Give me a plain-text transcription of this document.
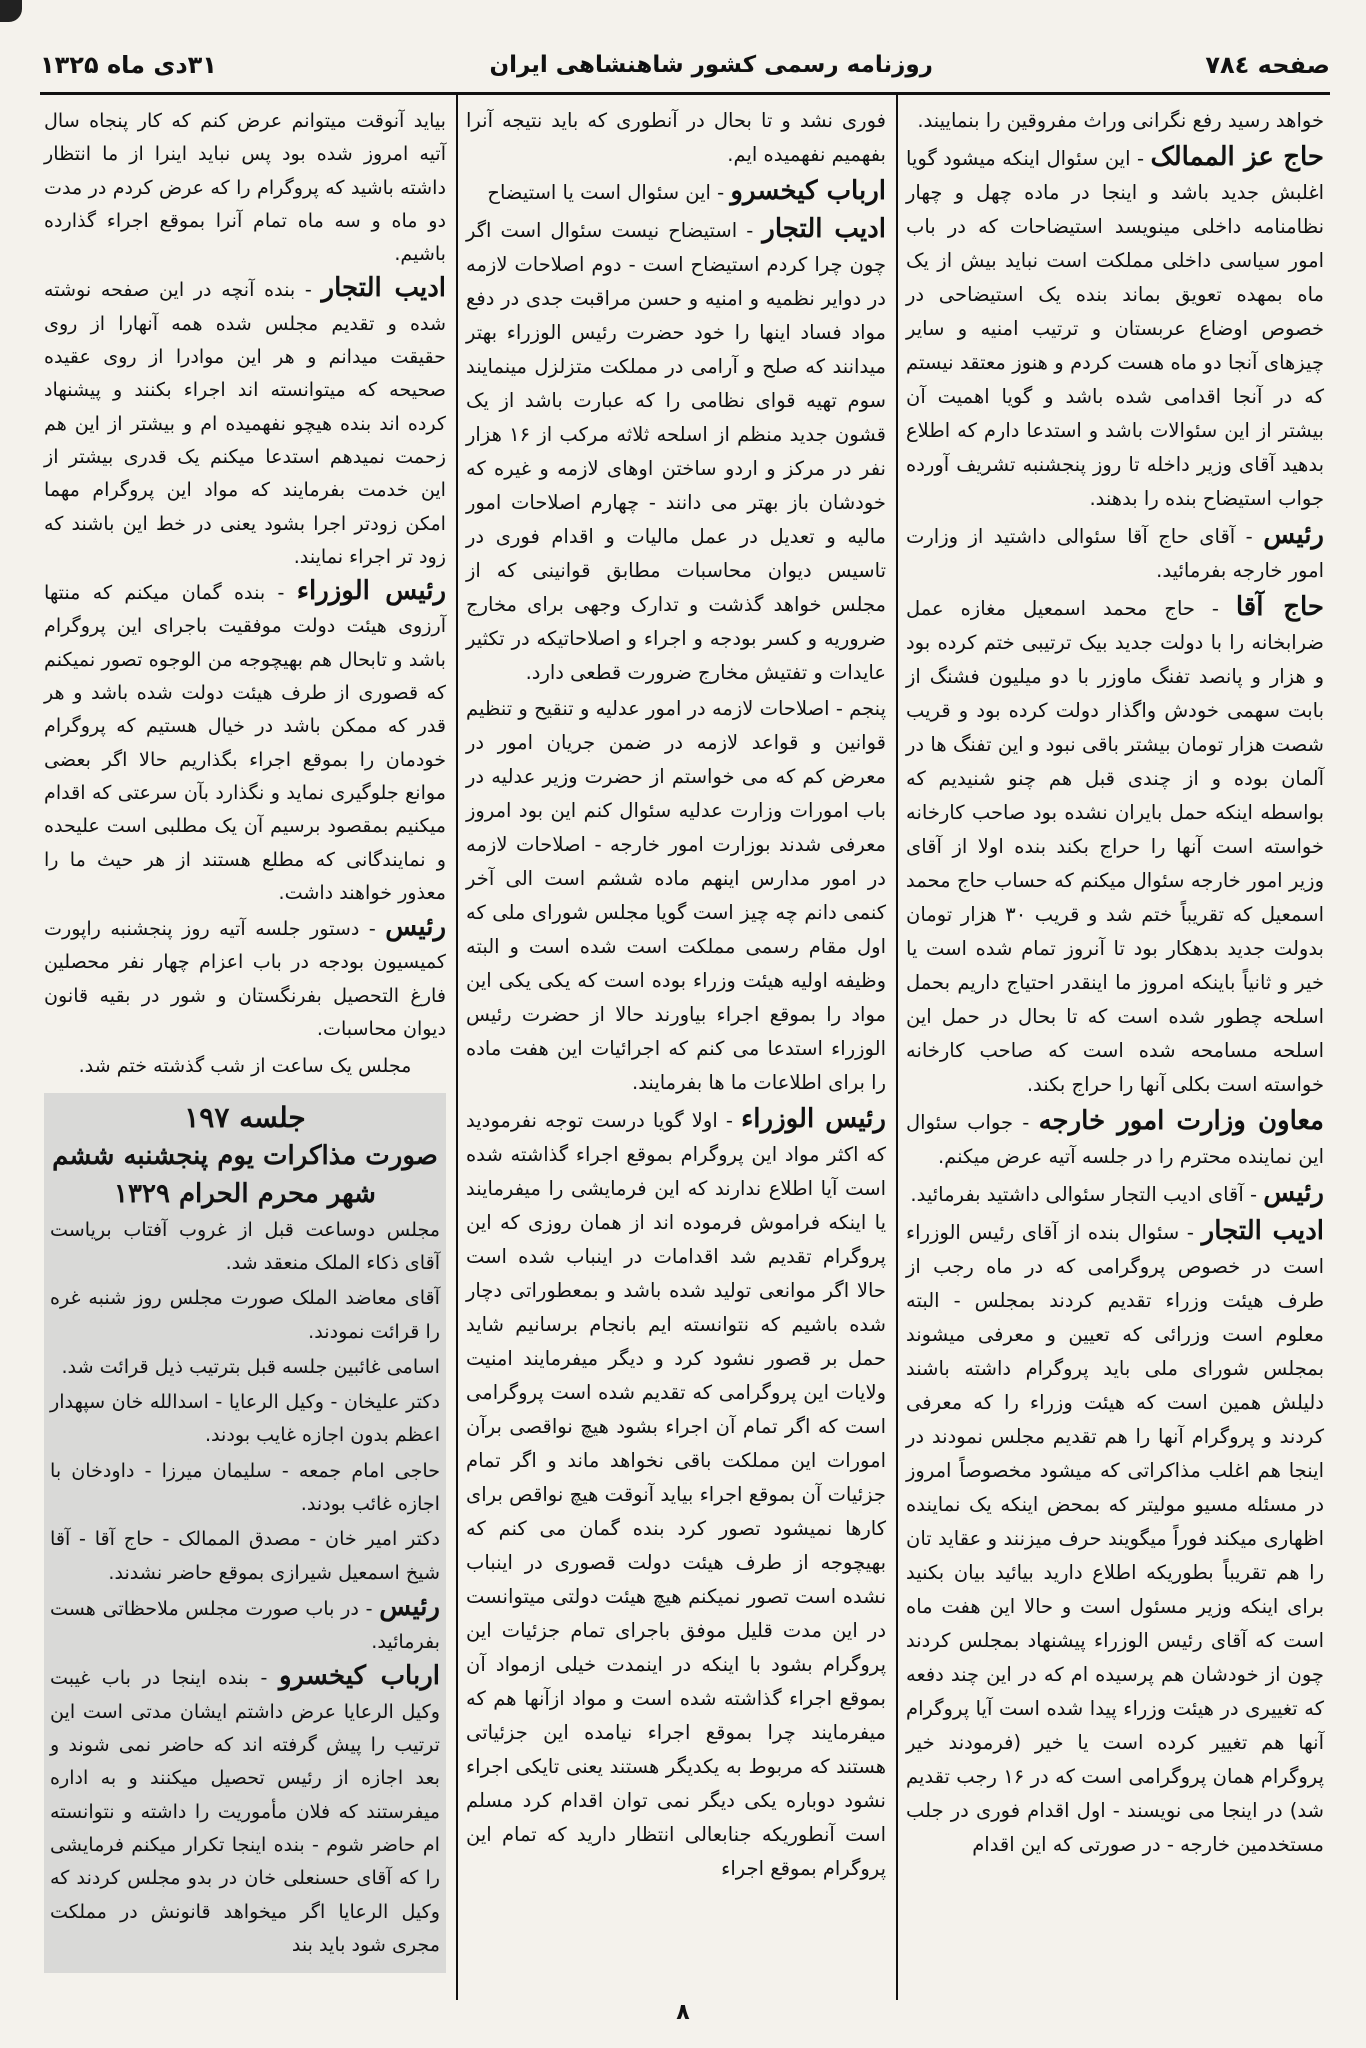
صفحه ٧٨٤
روزنامه رسمی کشور شاهنشاهی ایران
۳۱دی ماه ۱۳۲۵

خواهد رسید رفع نگرانی وراث مفروقین را بنماییند.

حاج عز الممالک - این سئوال اینکه میشود گویا اغلبش جدید باشد و اینجا در ماده چهل و چهار نظامنامه داخلی مینویسد استیضاحات که در باب امور سیاسی داخلی مملکت است نباید بیش از یک ماه بمهده تعویق بماند بنده یک استیضاحی در خصوص اوضاع عربستان و ترتیب امنیه و سایر چیزهای آنجا دو ماه هست کردم و هنوز معتقد نیستم که در آنجا اقدامی شده باشد و گویا اهمیت آن بیشتر از این سئوالات باشد و استدعا دارم که اطلاع بدهید آقای وزیر داخله تا روز پنجشنبه تشریف آورده جواب استیضاح بنده را بدهند.

رئیس - آقای حاج آقا سئوالی داشتید از وزارت امور خارجه بفرمائید.

حاج آقا - حاج محمد اسمعیل مغازه عمل ضرابخانه را با دولت جدید بیک ترتیبی ختم کرده بود و هزار و پانصد تفنگ ماوزر با دو میلیون فشنگ از بابت سهمی خودش واگذار دولت کرده بود و قریب شصت هزار تومان بیشتر باقی نبود و این تفنگ ها در آلمان بوده و از چندی قبل هم چنو شنیدیم که بواسطه اینکه حمل بایران نشده بود صاحب کارخانه خواسته است آنها را حراج بکند بنده اولا از آقای وزیر امور خارجه سئوال میکنم که حساب حاج محمد اسمعیل که تقریباً ختم شد و قریب ۳۰ هزار تومان بدولت جدید بدهکار بود تا آنروز تمام شده است یا خیر و ثانیاً باینکه امروز ما اینقدر احتیاج داریم بحمل اسلحه چطور شده است که تا بحال در حمل این اسلحه مسامحه شده است که صاحب کارخانه خواسته است بکلی آنها را حراج بکند.

معاون وزارت امور خارجه - جواب سئوال این نماینده محترم را در جلسه آتیه عرض میکنم.

رئیس - آقای ادیب التجار سئوالی داشتید بفرمائید.

ادیب التجار - سئوال بنده از آقای رئیس الوزراء است در خصوص پروگرامی که در ماه رجب از طرف هیئت وزراء تقدیم کردند بمجلس - البته معلوم است وزرائی که تعیین و معرفی میشوند بمجلس شورای ملی باید پروگرام داشته باشند دلیلش همین است که هیئت وزراء را که معرفی کردند و پروگرام آنها را هم تقدیم مجلس نمودند در اینجا هم اغلب مذاکراتی که میشود مخصوصاً امروز در مسئله مسیو مولیتر که بمحض اینکه یک نماینده اظهاری میکند فوراً میگویند حرف میزنند و عقاید تان را هم تقریباً بطوریکه اطلاع دارید بیائید بیان بکنید برای اینکه وزیر مسئول است و حالا این هفت ماه است که آقای رئیس الوزراء پیشنهاد بمجلس کردند چون از خودشان هم پرسیده ام که در این چند دفعه که تغییری در هیئت وزراء پیدا شده است آیا پروگرام آنها هم تغییر کرده است یا خیر (فرمودند خیر پروگرام همان پروگرامی است که در ۱۶ رجب تقدیم شد) در اینجا می نویسند - اول اقدام فوری در جلب مستخدمین خارجه - در صورتی که این اقدام

فوری نشد و تا بحال در آنطوری که باید نتیجه آنرا بفهمیم نفهمیده ایم.

ارباب کیخسرو - این سئوال است یا استیضاح

ادیب التجار - استیضاح نیست سئوال است اگر چون چرا کردم استیضاح است - دوم اصلاحات لازمه در دوایر نظمیه و امنیه و حسن مراقبت جدی در دفع مواد فساد اینها را خود حضرت رئیس الوزراء بهتر میدانند که صلح و آرامی در مملکت متزلزل مینمایند سوم تهیه قوای نظامی را که عبارت باشد از یک قشون جدید منظم از اسلحه ثلاثه مرکب از ۱۶ هزار نفر در مرکز و اردو ساختن اوهای لازمه و غیره که خودشان باز بهتر می دانند - چهارم اصلاحات امور مالیه و تعدیل در عمل مالیات و اقدام فوری در تاسیس دیوان محاسبات مطابق قوانینی که از مجلس خواهد گذشت و تدارک وجهی برای مخارج ضروریه و کسر بودجه و اجراء و اصلاحاتیکه در تکثیر عایدات و تفتیش مخارج ضرورت قطعی دارد.

پنجم - اصلاحات لازمه در امور عدلیه و تنقیح و تنظیم قوانین و قواعد لازمه در ضمن جریان امور در معرض کم که می خواستم از حضرت وزیر عدلیه در باب امورات وزارت عدلیه سئوال کنم این بود امروز معرفی شدند بوزارت امور خارجه - اصلاحات لازمه در امور مدارس اینهم ماده ششم است الی آخر کنمی دانم چه چیز است گویا مجلس شورای ملی که اول مقام رسمی مملکت است شده است و البته وظیفه اولیه هیئت وزراء بوده است که یکی یکی این مواد را بموقع اجراء بیاورند حالا از حضرت رئیس الوزراء استدعا می کنم که اجرائیات این هفت ماده را برای اطلاعات ما ها بفرمایند.

رئیس الوزراء - اولا گویا درست توجه نفرمودید که اکثر مواد این پروگرام بموقع اجراء گذاشته شده است آیا اطلاع ندارند که این فرمایشی را میفرمایند یا اینکه فراموش فرموده اند از همان روزی که این پروگرام تقدیم شد اقدامات در اینباب شده است حالا اگر موانعی تولید شده باشد و بمعطوراتی دچار شده باشیم که نتوانسته ایم بانجام برسانیم شاید حمل بر قصور نشود کرد و دیگر میفرمایند امنیت ولایات این پروگرامی که تقدیم شده است پروگرامی است که اگر تمام آن اجراء بشود هیچ نواقصی برآن امورات این مملکت باقی نخواهد ماند و اگر تمام جزئیات آن بموقع اجراء بیاید آنوقت هیچ نواقص برای کارها نمیشود تصور کرد بنده گمان می کنم که بهیچوجه از طرف هیئت دولت قصوری در اینباب نشده است تصور نمیکنم هیچ هیئت دولتی میتوانست در این مدت قلیل موفق باجرای تمام جزئیات این پروگرام بشود با اینکه در اینمدت خیلی ازمواد آن بموقع اجراء گذاشته شده است و مواد ازآنها هم که میفرمایند چرا بموقع اجراء نیامده این جزئیاتی هستند که مربوط به یکدیگر هستند یعنی تایکی اجراء نشود دوباره یکی دیگر نمی توان اقدام کرد مسلم است آنطوریکه جنابعالی انتظار دارید که تمام این پروگرام بموقع اجراء

بیاید آنوقت میتوانم عرض کنم که کار پنجاه سال آتیه امروز شده بود پس نباید اینرا از ما انتظار داشته باشید که پروگرام را که عرض کردم در مدت دو ماه و سه ماه تمام آنرا بموقع اجراء گذارده باشیم.

ادیب التجار - بنده آنچه در این صفحه نوشته شده و تقدیم مجلس شده همه آنهارا از روی حقیقت میدانم و هر این موادرا از روی عقیده صحیحه که میتوانسته اند اجراء بکنند و پیشنهاد کرده اند بنده هیچو نفهمیده ام و بیشتر از این هم زحمت نمیدهم استدعا میکنم یک قدری بیشتر از این خدمت بفرمایند که مواد این پروگرام مهما امکن زودتر اجرا بشود یعنی در خط این باشند که زود تر اجراء نمایند.

رئیس الوزراء - بنده گمان میکنم که منتها آرزوی هیئت دولت موفقیت باجرای این پروگرام باشد و تابحال هم بهیچوجه من الوجوه تصور نمیکنم که قصوری از طرف هیئت دولت شده باشد و هر قدر که ممکن باشد در خیال هستیم که پروگرام خودمان را بموقع اجراء بگذاریم حالا اگر بعضی موانع جلوگیری نماید و نگذارد بآن سرعتی که اقدام میکنیم بمقصود برسیم آن یک مطلبی است علیحده و نمایندگانی که مطلع هستند از هر حیث ما را معذور خواهند داشت.

رئیس - دستور جلسه آتیه روز پنجشنبه راپورت کمیسیون بودجه در باب اعزام چهار نفر محصلین فارغ التحصیل بفرنگستان و شور در بقیه قانون دیوان محاسبات.

مجلس یک ساعت از شب گذشته ختم شد.

جلسه ۱۹۷
صورت مذاکرات یوم پنجشنبه ششم
شهر محرم الحرام ۱۳۲۹

مجلس دوساعت قبل از غروب آفتاب بریاست آقای ذکاء الملک منعقد شد.

آقای معاضد الملک صورت مجلس روز شنبه غره را قرائت نمودند.

اسامی غائبین جلسه قبل بترتیب ذیل قرائت شد.

دکتر علیخان - وکیل الرعایا - اسدالله خان سپهدار اعظم بدون اجازه غایب بودند.

حاجی امام جمعه - سلیمان میرزا - داودخان با اجازه غائب بودند.

دکتر امیر خان - مصدق الممالک - حاج آقا - آقا شیخ اسمعیل شیرازی بموقع حاضر نشدند.

رئیس - در باب صورت مجلس ملاحظاتی هست بفرمائید.

ارباب کیخسرو - بنده اینجا در باب غیبت وکیل الرعایا عرض داشتم ایشان مدتی است این ترتیب را پیش گرفته اند که حاضر نمی شوند و بعد اجازه از رئیس تحصیل میکنند و به اداره میفرستند که فلان مأموریت را داشته و نتوانسته ام حاضر شوم - بنده اینجا تکرار میکنم فرمایشی را که آقای حسنعلی خان در بدو مجلس کردند که وکیل الرعایا اگر میخواهد قانونش در مملکت مجری شود باید بند

۸
